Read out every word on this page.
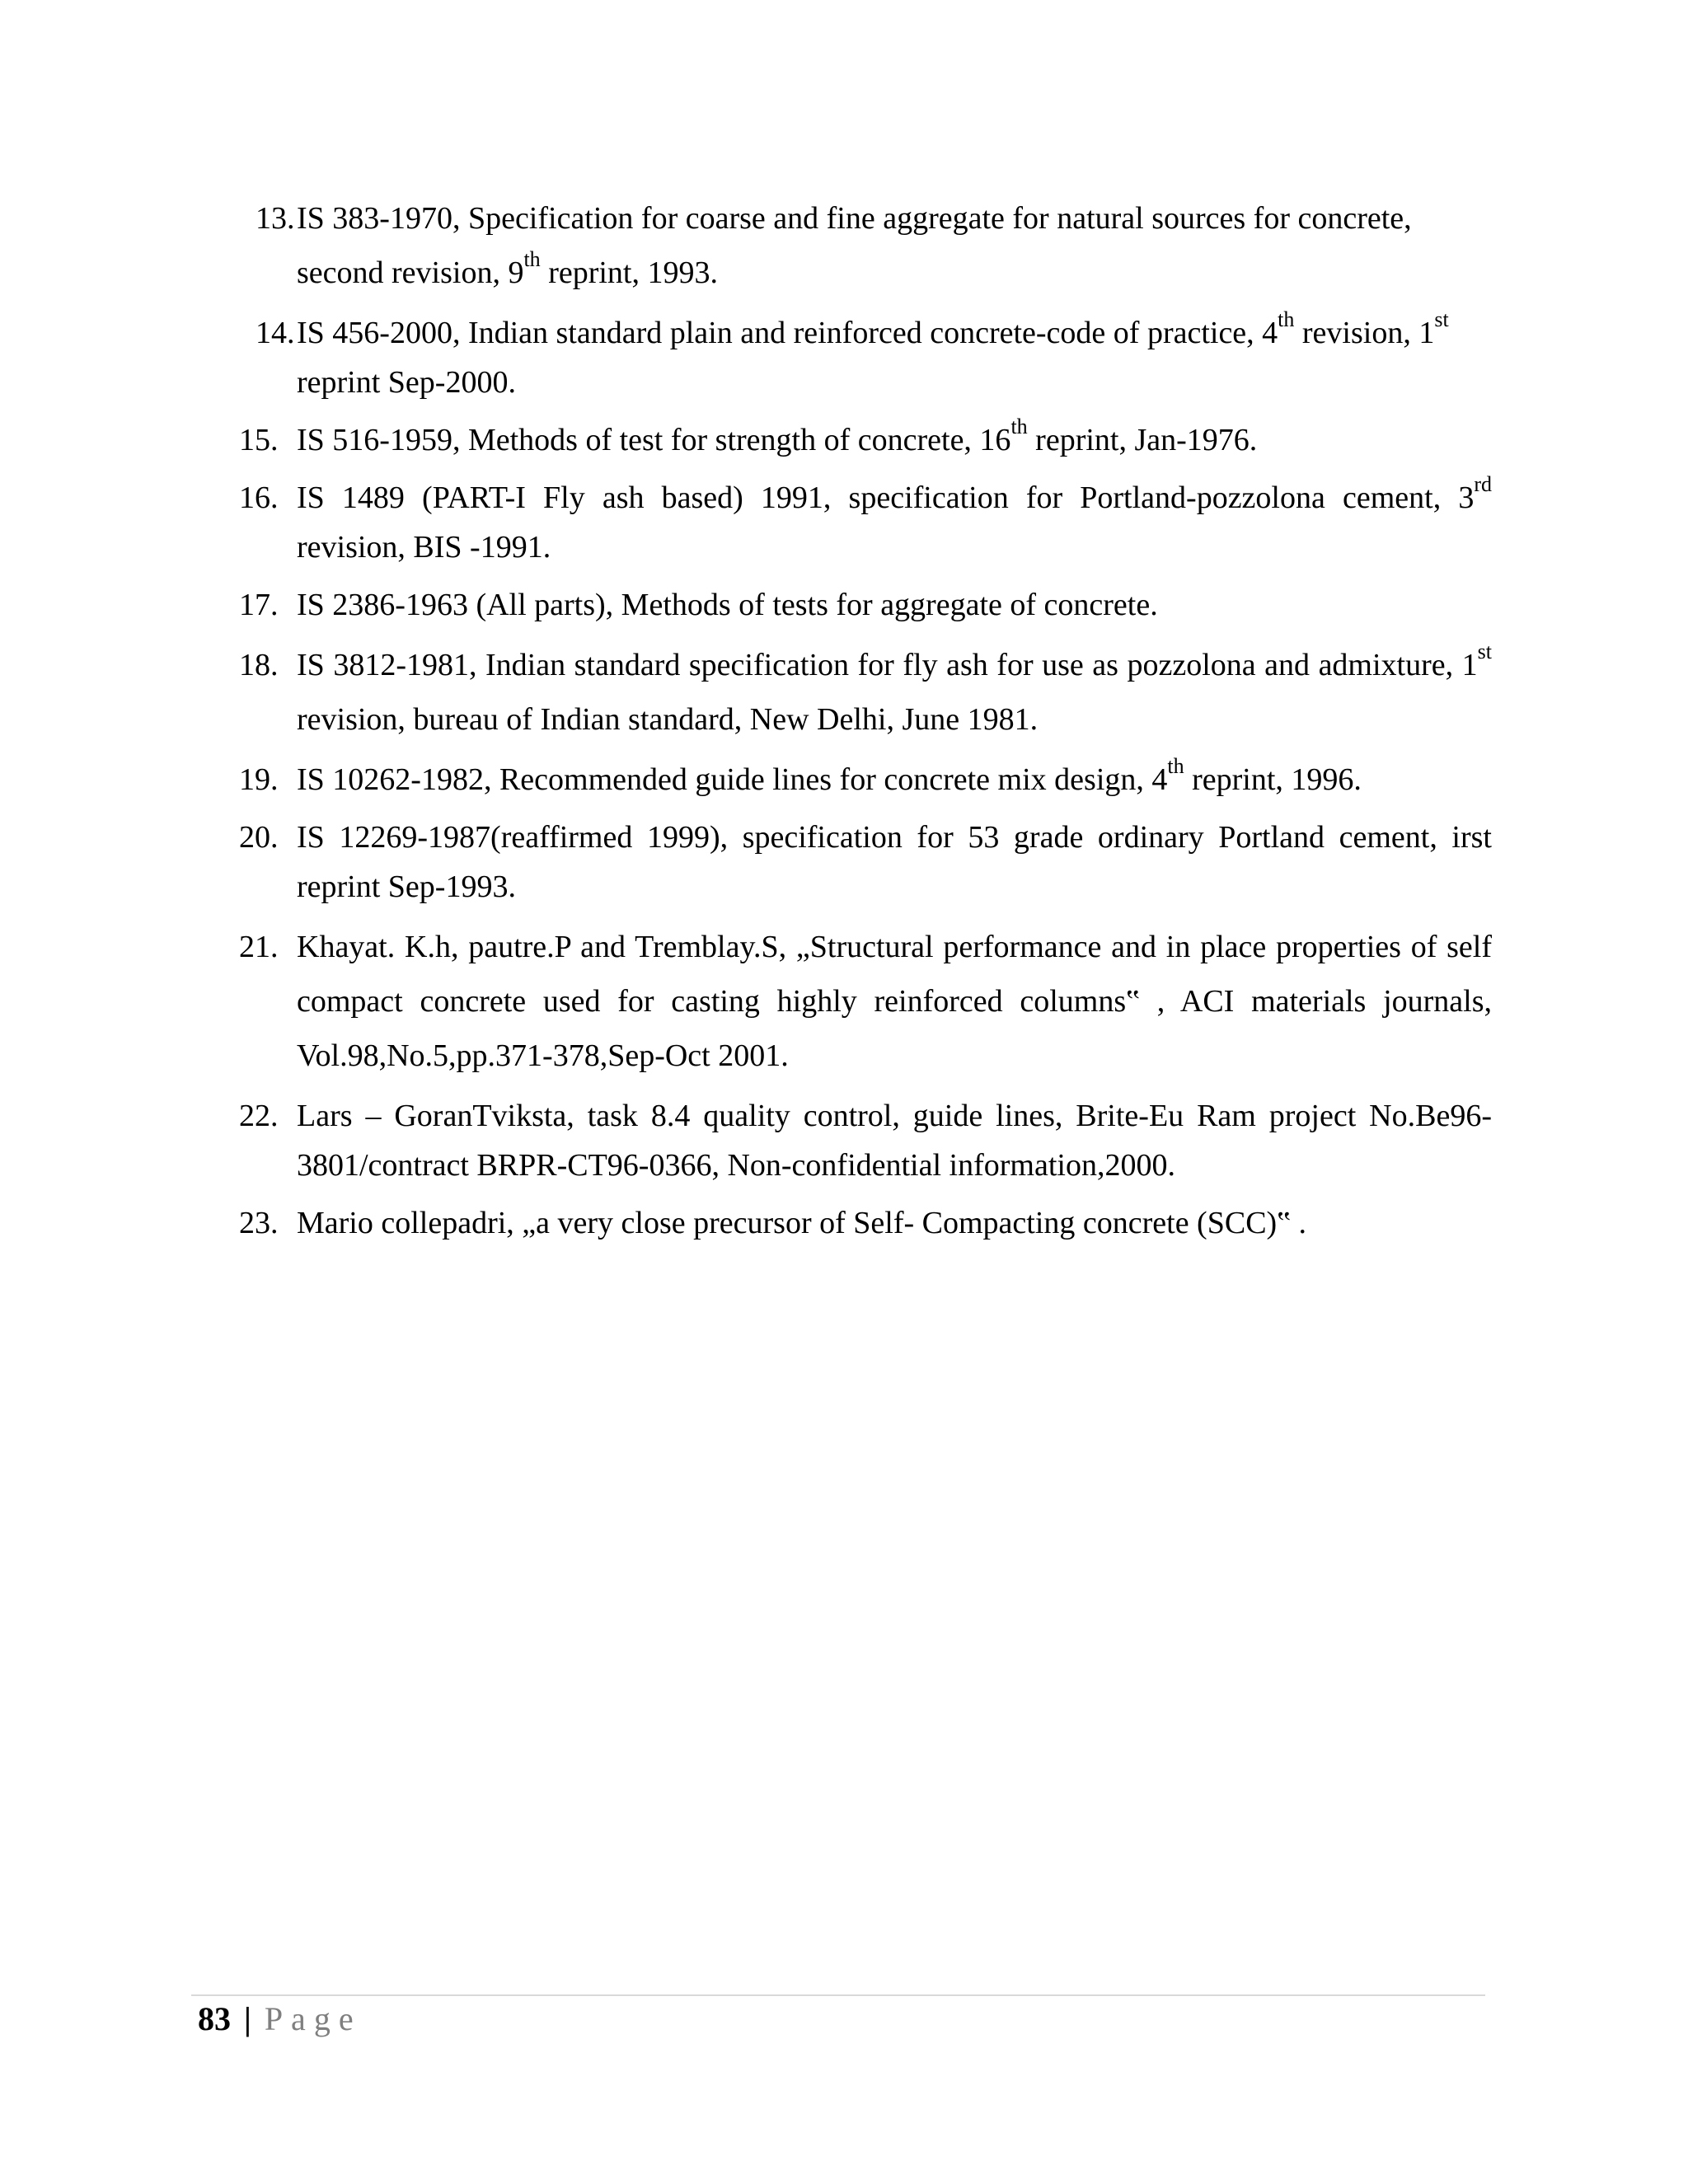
13. IS 383-1970, Specification for coarse and fine aggregate for natural sources for concrete, second revision, 9th reprint, 1993.
14. IS 456-2000, Indian standard plain and reinforced concrete-code of practice, 4th revision, 1st reprint Sep-2000.
15. IS 516-1959, Methods of test for strength of concrete, 16th reprint, Jan-1976.
16. IS 1489 (PART-I Fly ash based) 1991, specification for Portland-pozzolona cement, 3rd revision, BIS -1991.
17. IS 2386-1963 (All parts), Methods of tests for aggregate of concrete.
18. IS 3812-1981, Indian standard specification for fly ash for use as pozzolona and admixture, 1st revision, bureau of Indian standard, New Delhi, June 1981.
19. IS 10262-1982, Recommended guide lines for concrete mix design, 4th reprint, 1996.
20. IS 12269-1987(reaffirmed 1999), specification for 53 grade ordinary Portland cement, irst reprint Sep-1993.
21. Khayat. K.h, pautre.P and Tremblay.S, „Structural performance and in place properties of self compact concrete used for casting highly reinforced columns‟ , ACI materials journals, Vol.98,No.5,pp.371-378,Sep-Oct 2001.
22. Lars – GoranTviksta, task 8.4 quality control, guide lines, Brite-Eu Ram project No.Be96-3801/contract BRPR-CT96-0366, Non-confidential information,2000.
23. Mario collepadri, „a very close precursor of Self- Compacting concrete (SCC)‟ .
83 | Page
